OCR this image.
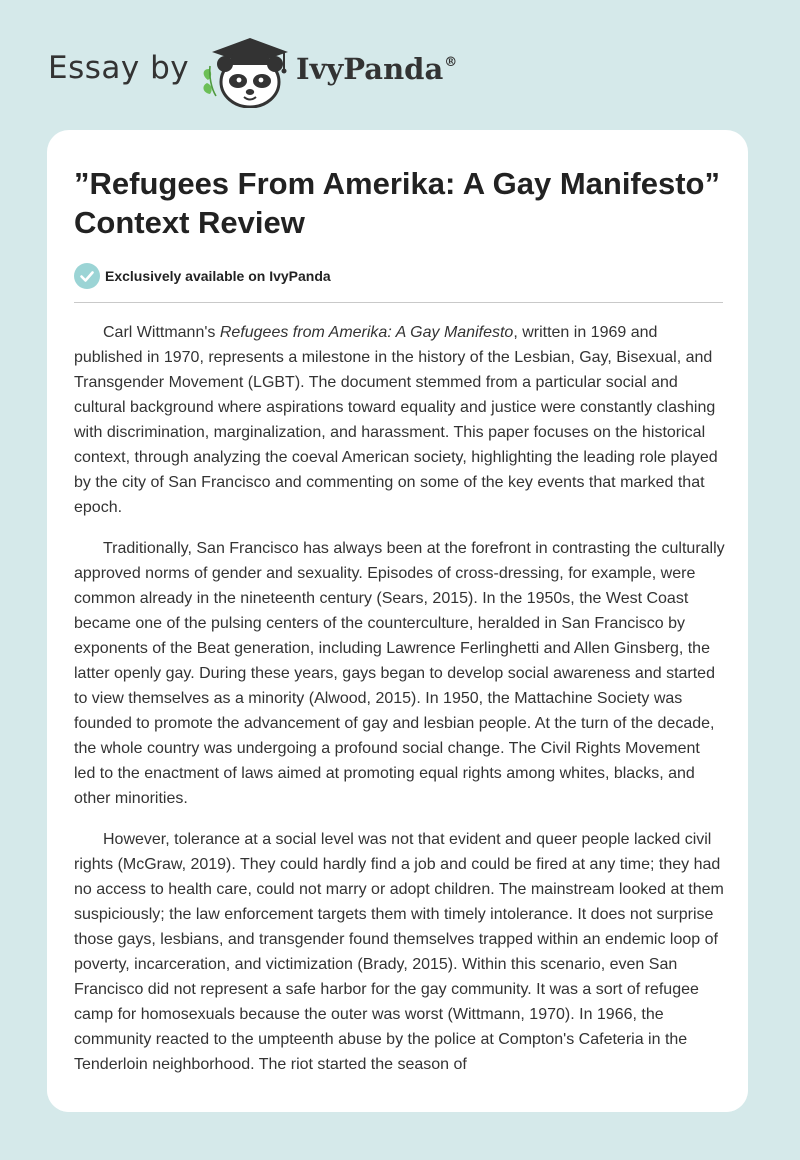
Essay by	IvyPanda®
”Refugees From Amerika: A Gay Manifesto” Context Review
Exclusively available on IvyPanda

Carl Wittmann's Refugees from Amerika: A Gay Manifesto, written in 1969 and published in 1970, represents a milestone in the history of the Lesbian, Gay, Bisexual, and Transgender Movement (LGBT). The document stemmed from a particular social and cultural background where aspirations toward equality and justice were constantly clashing with discrimination, marginalization, and harassment. This paper focuses on the historical context, through analyzing the coeval American society, highlighting the leading role played by the city of San Francisco and commenting on some of the key events that marked that epoch.

Traditionally, San Francisco has always been at the forefront in contrasting the culturally approved norms of gender and sexuality. Episodes of cross-dressing, for example, were common already in the nineteenth century (Sears, 2015). In the 1950s, the West Coast became one of the pulsing centers of the counterculture, heralded in San Francisco by exponents of the Beat generation, including Lawrence Ferlinghetti and Allen Ginsberg, the latter openly gay. During these years, gays began to develop social awareness and started to view themselves as a minority (Alwood, 2015). In 1950, the Mattachine Society was founded to promote the advancement of gay and lesbian people. At the turn of the decade, the whole country was undergoing a profound social change. The Civil Rights Movement led to the enactment of laws aimed at promoting equal rights among whites, blacks, and other minorities.

However, tolerance at a social level was not that evident and queer people lacked civil rights (McGraw, 2019). They could hardly find a job and could be fired at any time; they had no access to health care, could not marry or adopt children. The mainstream looked at them suspiciously; the law enforcement targets them with timely intolerance. It does not surprise those gays, lesbians, and transgender found themselves trapped within an endemic loop of poverty, incarceration, and victimization (Brady, 2015). Within this scenario, even San Francisco did not represent a safe harbor for the gay community. It was a sort of refugee camp for homosexuals because the outer was worst (Wittmann, 1970). In 1966, the community reacted to the umpteenth abuse by the police at Compton's Cafeteria in the Tenderloin neighborhood. The riot started the season of
